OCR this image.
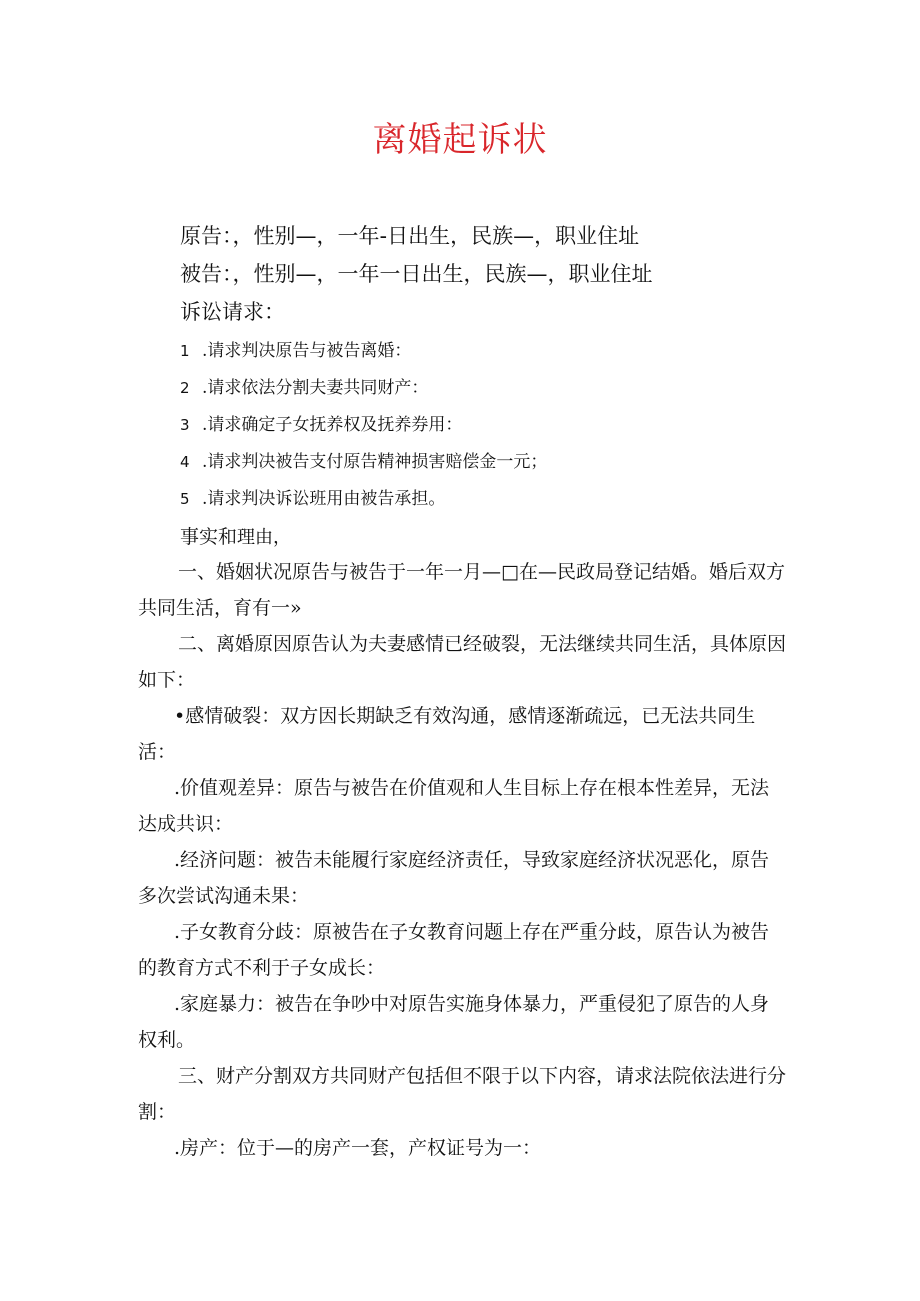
离婚起诉状
原告：，性别—，一年-日出生，民族—，职业住址
被告：，性别—，一年一日出生，民族—，职业住址
诉讼请求：
1 .请求判决原告与被告离婚：
2 .请求依法分割夫妻共同财产：
3 .请求确定子女抚养权及抚养券用：
4 .请求判决被告支付原告精神损害赔偿金一元；
5 .请求判决诉讼班用由被告承担。
事实和理由，
一、婚姻状况原告与被告于一年一月—□在—民政局登记结婚。婚后双方共同生活，育有一»
二、离婚原因原告认为夫妻感情已经破裂，无法继续共同生活，具体原因如下：
•感情破裂：双方因长期缺乏有效沟通，感情逐渐疏远，已无法共同生活：
.价值观差异：原告与被告在价值观和人生目标上存在根本性差异，无法达成共识：
.经济问题：被告未能履行家庭经济责任，导致家庭经济状况恶化，原告多次尝试沟通未果：
.子女教育分歧：原被告在子女教育问题上存在严重分歧，原告认为被告的教育方式不利于子女成长：
.家庭暴力：被告在争吵中对原告实施身体暴力，严重侵犯了原告的人身权利。
三、财产分割双方共同财产包括但不限于以下内容，请求法院依法进行分割：
.房产：位于—的房产一套，产权证号为一：
